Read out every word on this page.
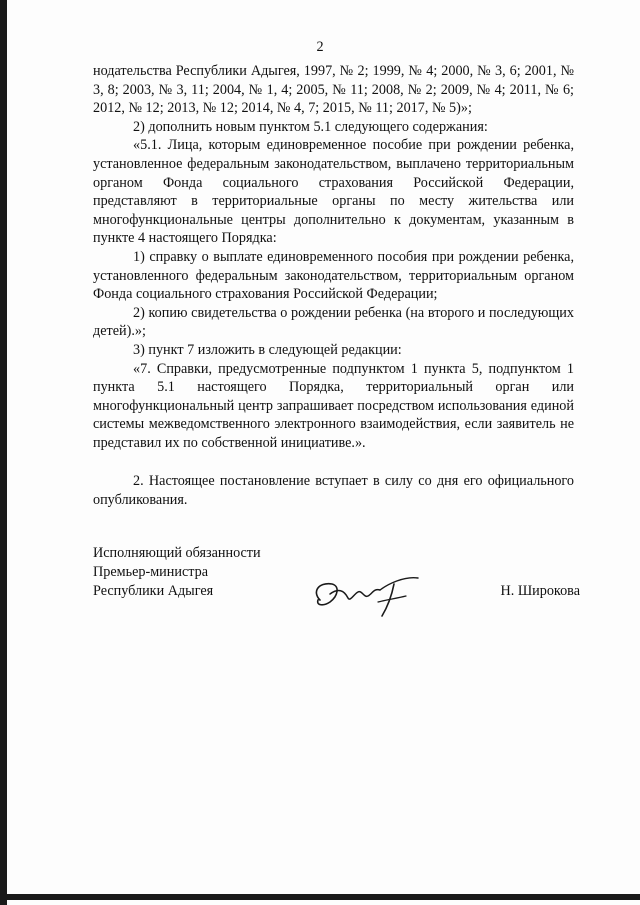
2

нодательства Республики Адыгея, 1997, № 2; 1999, № 4; 2000, № 3, 6; 2001, № 3, 8; 2003, № 3, 11; 2004, № 1, 4; 2005, № 11; 2008, № 2; 2009, № 4; 2011, № 6; 2012, № 12; 2013, № 12; 2014, № 4, 7; 2015, № 11; 2017, № 5)»;

2) дополнить новым пунктом 5.1 следующего содержания:

«5.1. Лица, которым единовременное пособие при рождении ребенка, установленное федеральным законодательством, выплачено территориальным органом Фонда социального страхования Российской Федерации, представляют в территориальные органы по месту жительства или многофункциональные центры дополнительно к документам, указанным в пункте 4 настоящего Порядка:

1) справку о выплате единовременного пособия при рождении ребенка, установленного федеральным законодательством, территориальным органом Фонда социального страхования Российской Федерации;

2) копию свидетельства о рождении ребенка (на второго и последующих детей).»;

3) пункт 7 изложить в следующей редакции:

«7. Справки, предусмотренные подпунктом 1 пункта 5, подпунктом 1 пункта 5.1 настоящего Порядка, территориальный орган или многофункциональный центр запрашивает посредством использования единой системы межведомственного электронного взаимодействия, если заявитель не представил их по собственной инициативе.».

2. Настоящее постановление вступает в силу со дня его официального опубликования.

Исполняющий обязанности
Премьер-министра
Республики Адыгея	Н. Широкова
